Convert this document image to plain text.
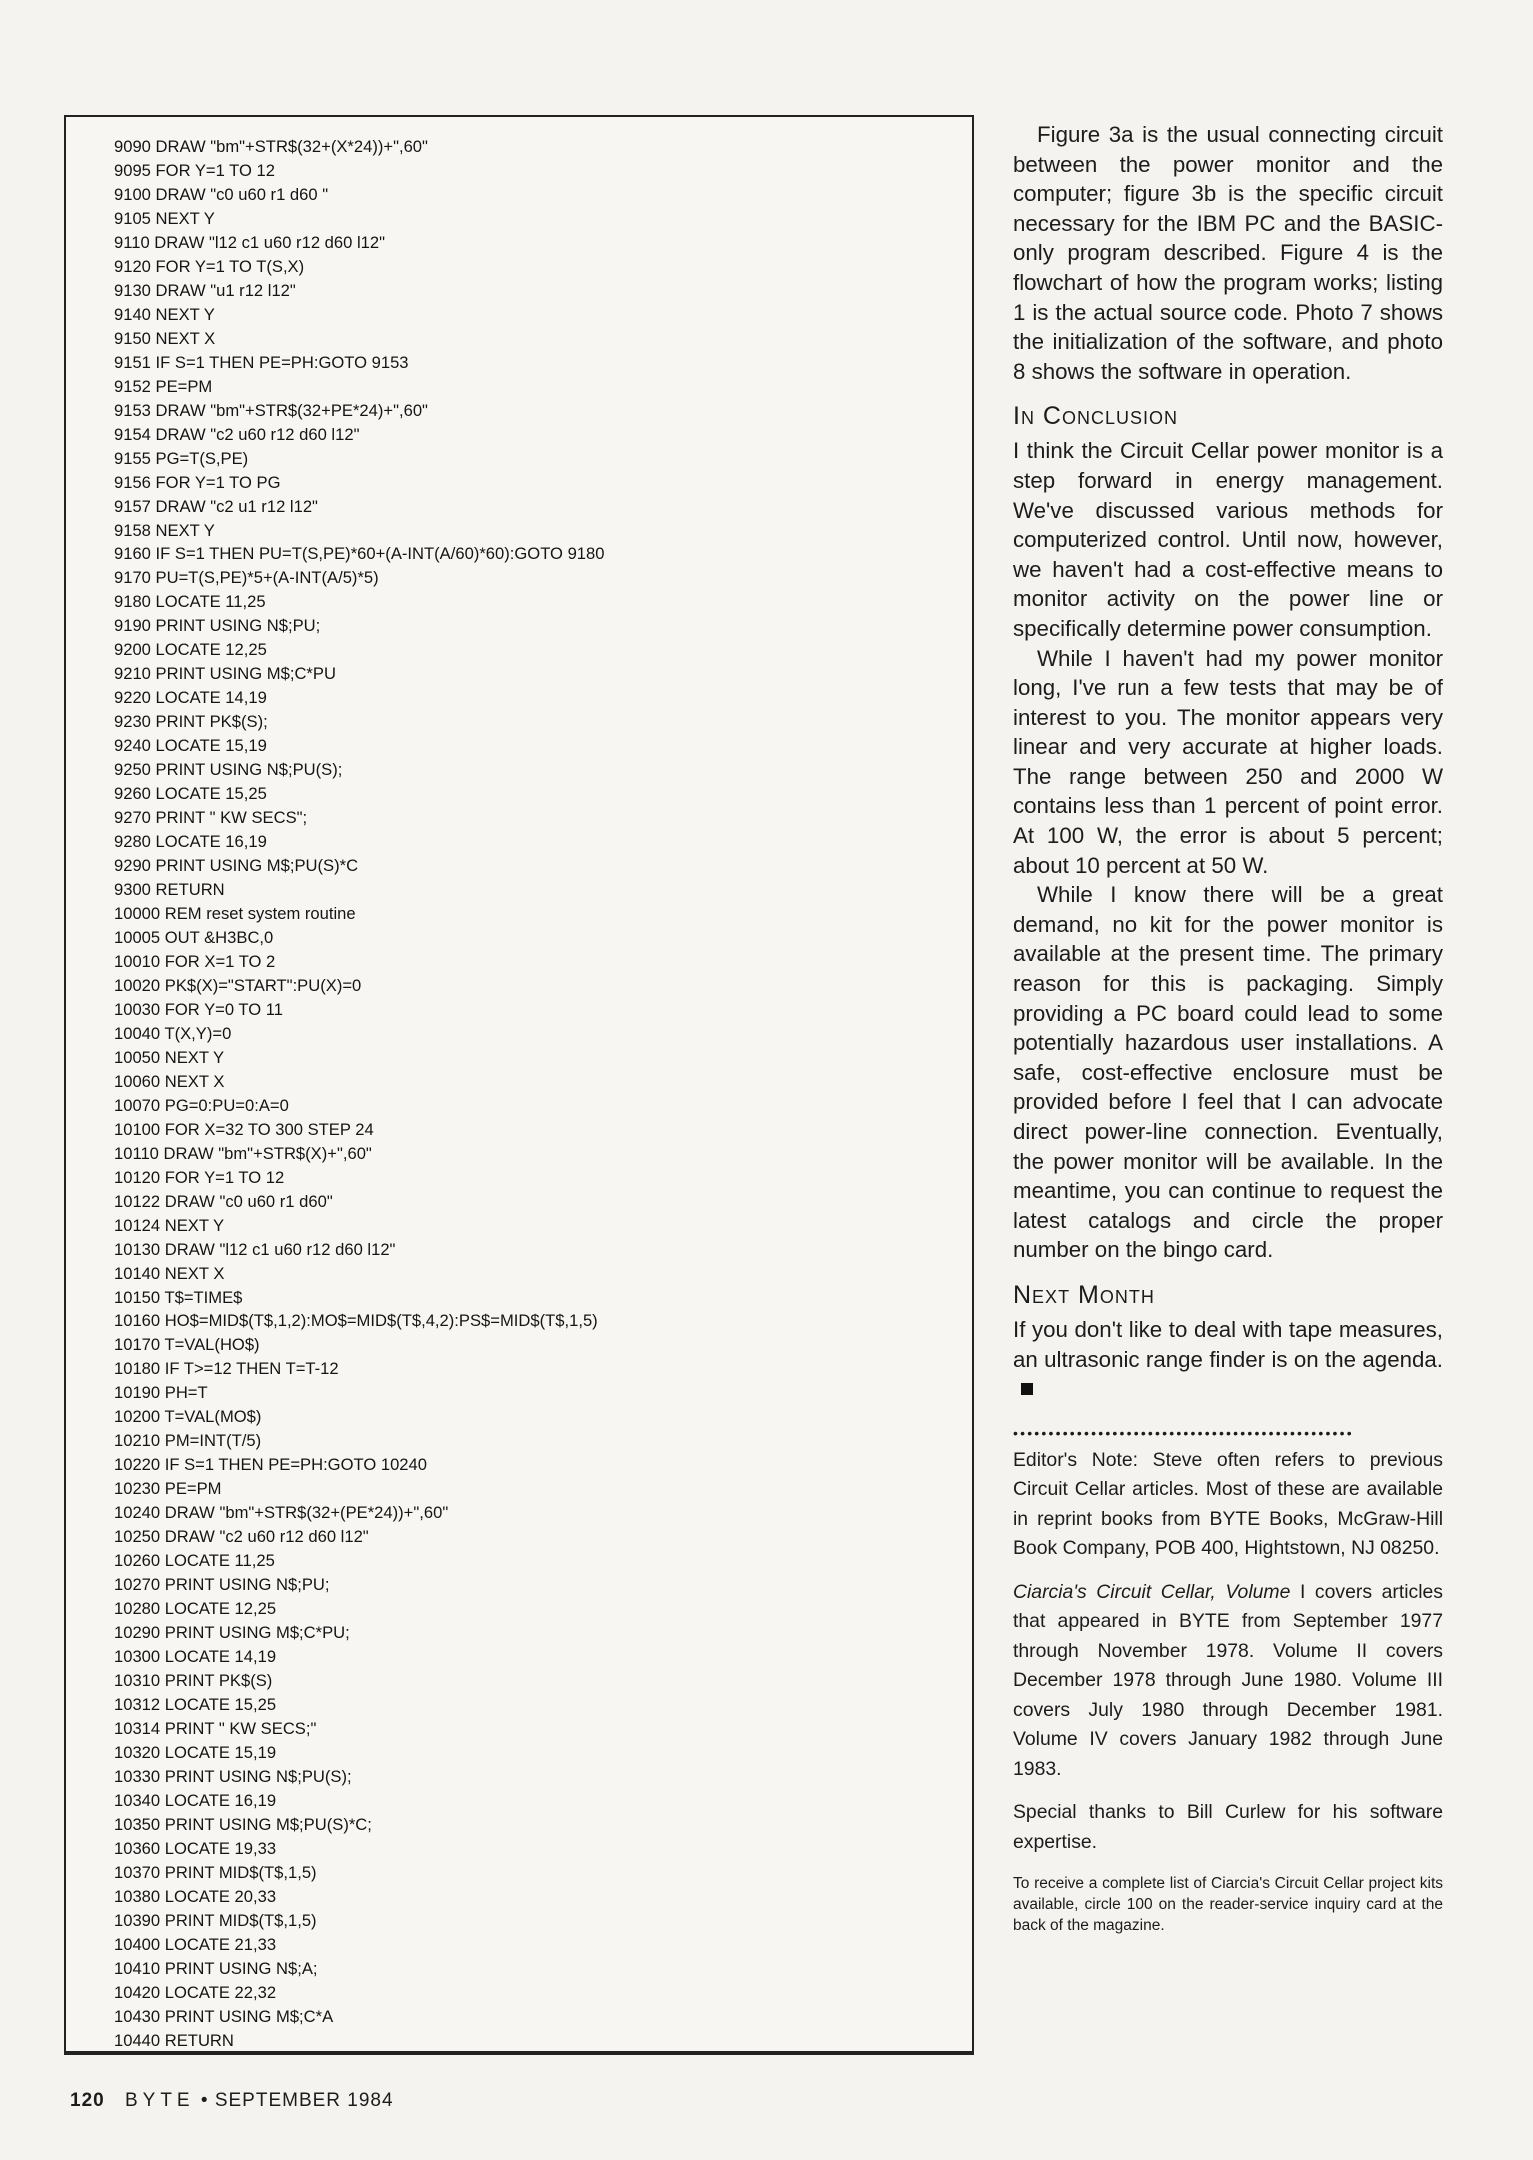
9090 DRAW "bm"+STR$(32+(X*24))+",60"
9095 FOR Y=1 TO 12
9100 DRAW "c0 u60 r1 d60 "
9105 NEXT Y
9110 DRAW "l12 c1 u60 r12 d60 l12"
9120 FOR Y=1 TO T(S,X)
9130 DRAW "u1 r12 l12"
9140 NEXT Y
9150 NEXT X
9151 IF S=1 THEN PE=PH:GOTO 9153
9152 PE=PM
9153 DRAW "bm"+STR$(32+PE*24)+",60"
9154 DRAW "c2 u60 r12 d60 l12"
9155 PG=T(S,PE)
9156 FOR Y=1 TO PG
9157 DRAW "c2 u1 r12 l12"
9158 NEXT Y
9160 IF S=1 THEN PU=T(S,PE)*60+(A-INT(A/60)*60):GOTO 9180
9170 PU=T(S,PE)*5+(A-INT(A/5)*5)
9180 LOCATE 11,25
9190 PRINT USING N$;PU;
9200 LOCATE 12,25
9210 PRINT USING M$;C*PU
9220 LOCATE 14,19
9230 PRINT PK$(S);
9240 LOCATE 15,19
9250 PRINT USING N$;PU(S);
9260 LOCATE 15,25
9270 PRINT " KW SECS";
9280 LOCATE 16,19
9290 PRINT USING M$;PU(S)*C
9300 RETURN
10000 REM reset system routine
10005 OUT &H3BC,0
10010 FOR X=1 TO 2
10020 PK$(X)="START":PU(X)=0
10030 FOR Y=0 TO 11
10040 T(X,Y)=0
10050 NEXT Y
10060 NEXT X
10070 PG=0:PU=0:A=0
10100 FOR X=32 TO 300 STEP 24
10110 DRAW "bm"+STR$(X)+",60"
10120 FOR Y=1 TO 12
10122 DRAW "c0 u60 r1 d60"
10124 NEXT Y
10130 DRAW "l12 c1 u60 r12 d60 l12"
10140 NEXT X
10150 T$=TIME$
10160 HO$=MID$(T$,1,2):MO$=MID$(T$,4,2):PS$=MID$(T$,1,5)
10170 T=VAL(HO$)
10180 IF T>=12 THEN T=T-12
10190 PH=T
10200 T=VAL(MO$)
10210 PM=INT(T/5)
10220 IF S=1 THEN PE=PH:GOTO 10240
10230 PE=PM
10240 DRAW "bm"+STR$(32+(PE*24))+",60"
10250 DRAW "c2 u60 r12 d60 l12"
10260 LOCATE 11,25
10270 PRINT USING N$;PU;
10280 LOCATE 12,25
10290 PRINT USING M$;C*PU;
10300 LOCATE 14,19
10310 PRINT PK$(S)
10312 LOCATE 15,25
10314 PRINT " KW SECS;"
10320 LOCATE 15,19
10330 PRINT USING N$;PU(S);
10340 LOCATE 16,19
10350 PRINT USING M$;PU(S)*C;
10360 LOCATE 19,33
10370 PRINT MID$(T$,1,5)
10380 LOCATE 20,33
10390 PRINT MID$(T$,1,5)
10400 LOCATE 21,33
10410 PRINT USING N$;A;
10420 LOCATE 22,32
10430 PRINT USING M$;C*A
10440 RETURN

Figure 3a is the usual connecting circuit between the power monitor and the computer; figure 3b is the specific circuit necessary for the IBM PC and the BASIC-only program described. Figure 4 is the flowchart of how the program works; listing 1 is the actual source code. Photo 7 shows the initialization of the software, and photo 8 shows the software in operation.

In Conclusion

I think the Circuit Cellar power monitor is a step forward in energy management. We've discussed various methods for computerized control. Until now, however, we haven't had a cost-effective means to monitor activity on the power line or specifically determine power consumption.

While I haven't had my power monitor long, I've run a few tests that may be of interest to you. The monitor appears very linear and very accurate at higher loads. The range between 250 and 2000 W contains less than 1 percent of point error. At 100 W, the error is about 5 percent; about 10 percent at 50 W.

While I know there will be a great demand, no kit for the power monitor is available at the present time. The primary reason for this is packaging. Simply providing a PC board could lead to some potentially hazardous user installations. A safe, cost-effective enclosure must be provided before I feel that I can advocate direct power-line connection. Eventually, the power monitor will be available. In the meantime, you can continue to request the latest catalogs and circle the proper number on the bingo card.

Next Month

If you don't like to deal with tape measures, an ultrasonic range finder is on the agenda.

••••••••••••••••••••••••••••••••••••••••••••••••

Editor's Note: Steve often refers to previous Circuit Cellar articles. Most of these are available in reprint books from BYTE Books, McGraw-Hill Book Company, POB 400, Hightstown, NJ 08250.

Ciarcia's Circuit Cellar, Volume I covers articles that appeared in BYTE from September 1977 through November 1978. Volume II covers December 1978 through June 1980. Volume III covers July 1980 through December 1981. Volume IV covers January 1982 through June 1983.

Special thanks to Bill Curlew for his software expertise.

To receive a complete list of Ciarcia's Circuit Cellar project kits available, circle 100 on the reader-service inquiry card at the back of the magazine.

120 BYTE • SEPTEMBER 1984
